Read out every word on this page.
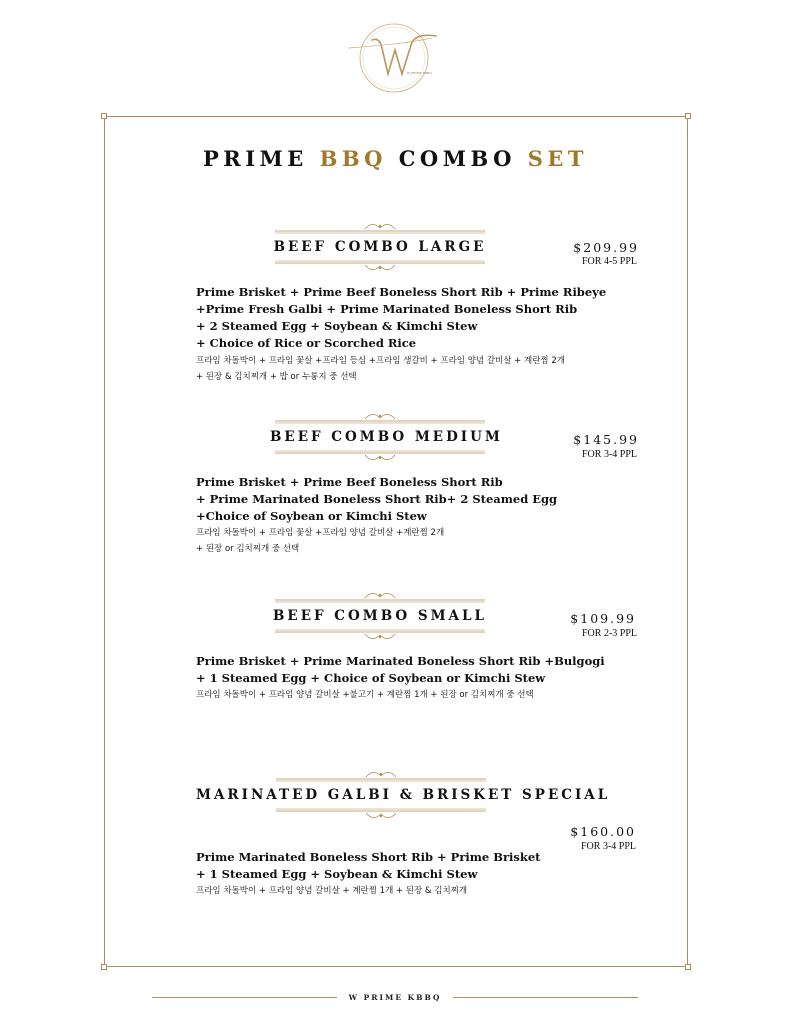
W PRIME KBBQ
PRIME BBQ COMBO SET
BEEF COMBO LARGE	$209.99
FOR 4-5 PPL
Prime Brisket + Prime Beef Boneless Short Rib + Prime Ribeye
+Prime Fresh Galbi + Prime Marinated Boneless Short Rib
+ 2 Steamed Egg + Soybean & Kimchi Stew
+ Choice of Rice or Scorched Rice
프라임 차돌박이 + 프라임 꽃살 +프라임 등심 +프라임 생갈비 + 프라임 양념 갈비살 + 계란찜 2개
+ 된장 & 김치찌개 + 밥 or 누룽지 중 선택
BEEF COMBO MEDIUM	$145.99
FOR 3-4 PPL
Prime Brisket + Prime Beef Boneless Short Rib
+ Prime Marinated Boneless Short Rib+ 2 Steamed Egg
+Choice of Soybean or Kimchi Stew
프라임 차돌박이 + 프라임 꽃살 +프라임 양념 갈비살 +계란찜 2개
+ 된장 or 김치찌개 중 선택
BEEF COMBO SMALL	$109.99
FOR 2-3 PPL
Prime Brisket + Prime Marinated Boneless Short Rib +Bulgogi
+ 1 Steamed Egg + Choice of Soybean or Kimchi Stew
프라임 차돌박이 + 프라임 양념 갈비살 +불고기 + 계란찜 1개 + 된장 or 김치찌개 중 선택
MARINATED GALBI & BRISKET SPECIAL
$160.00
FOR 3-4 PPL
Prime Marinated Boneless Short Rib + Prime Brisket
+ 1 Steamed Egg + Soybean & Kimchi Stew
프라임 차돌박이 + 프라임 양념 갈비살 + 계란찜 1개 + 된장 & 김치찌개
W PRIME KBBQ
